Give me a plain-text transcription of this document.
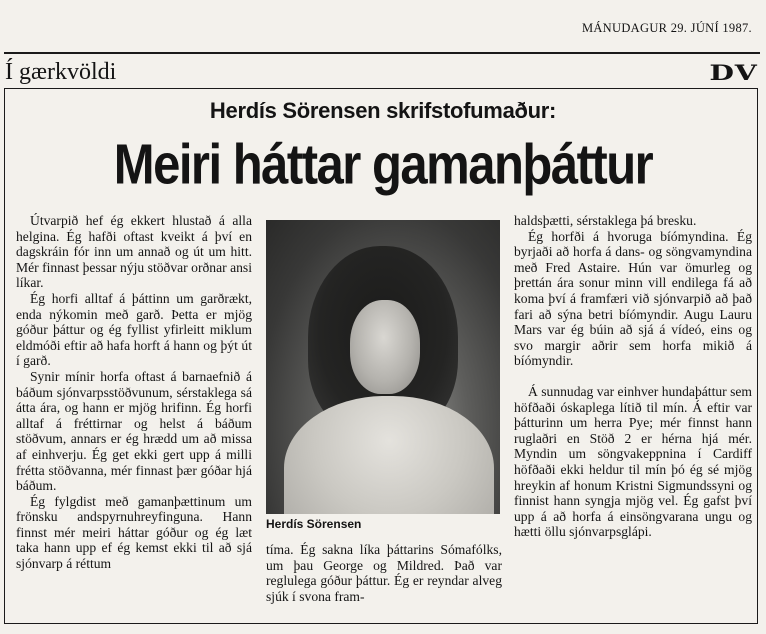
MÁNUDAGUR 29. JÚNÍ 1987.
Í gærkvöldi	DV
Herdís Sörensen skrifstofumaður:
Meiri háttar gamanþáttur

Útvarpið hef ég ekkert hlustað á alla helgina. Ég hafði oftast kveikt á því en dagskráin fór inn um annað og út um hitt. Mér finnast þessar nýju stöðvar orðnar ansi líkar.

Ég horfi alltaf á þáttinn um garðrækt, enda nýkomin með garð. Þetta er mjög góður þáttur og ég fyllist yfirleitt miklum eldmóði eftir að hafa horft á hann og þýt út í garð.

Synir mínir horfa oftast á barnaefnið á báðum sjónvarpsstöðvunum, sérstaklega sá átta ára, og hann er mjög hrifinn. Ég horfi alltaf á fréttirnar og helst á báðum stöðvum, annars er ég hrædd um að missa af einhverju. Ég get ekki gert upp á milli frétta stöðvanna, mér finnast þær góðar hjá báðum.

Ég fylgdist með gamanþættinum um frönsku andspyrnuhreyfinguna. Hann finnst mér meiri háttar góður og ég læt taka hann upp ef ég kemst ekki til að sjá sjónvarp á réttum

Herdís Sörensen

tíma. Ég sakna líka þáttarins Sómafólks, um þau George og Mildred. Það var reglulega góður þáttur. Ég er reyndar alveg sjúk í svona fram-

haldsþætti, sérstaklega þá bresku.

Ég horfði á hvoruga bíómyndina. Ég byrjaði að horfa á dans- og söngvamyndina með Fred Astaire. Hún var ömurleg og þrettán ára sonur minn vill endilega fá að koma því á framfæri við sjónvarpið að það fari að sýna betri bíómyndir. Augu Lauru Mars var ég búin að sjá á vídeó, eins og svo margir aðrir sem horfa mikið á bíómyndir.

Á sunnudag var einhver hundaþáttur sem höfðaði óskaplega lítið til mín. Á eftir var þátturinn um herra Pye; mér finnst hann ruglaðri en Stöð 2 er hérna hjá mér. Myndin um söngvakeppnina í Cardiff höfðaði ekki heldur til mín þó ég sé mjög hreykin af honum Kristni Sigmundssyni og finnist hann syngja mjög vel. Ég gafst því upp á að horfa á einsöngvarana ungu og hætti öllu sjónvarpsglápi.
